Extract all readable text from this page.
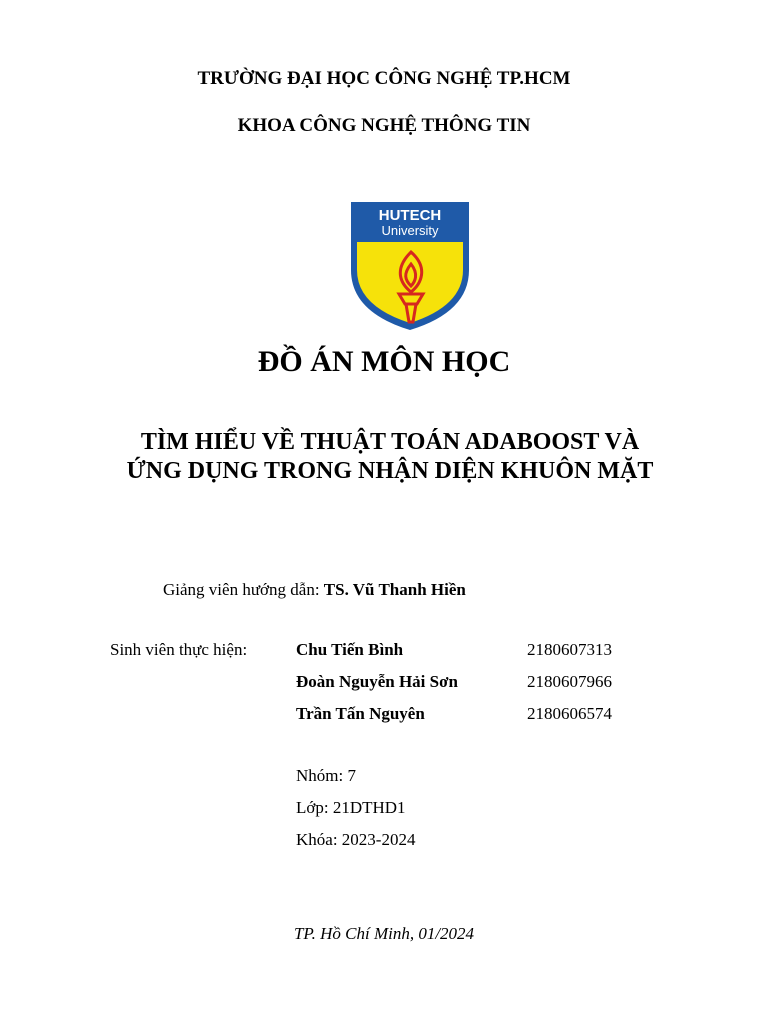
TRƯỜNG ĐẠI HỌC CÔNG NGHỆ TP.HCM
KHOA CÔNG NGHỆ THÔNG TIN
HUTECH
University
ĐỒ ÁN MÔN HỌC
TÌM HIỂU VỀ THUẬT TOÁN ADABOOST VÀ
ỨNG DỤNG TRONG NHẬN DIỆN KHUÔN MẶT
Giảng viên hướng dẫn: TS. Vũ Thanh Hiền
Sinh viên thực hiện:	Chu Tiến Bình	2180607313
Đoàn Nguyễn Hải Sơn	2180607966
Trần Tấn Nguyên	2180606574
Nhóm: 7
Lớp: 21DTHD1
Khóa: 2023-2024
TP. Hồ Chí Minh, 01/2024
